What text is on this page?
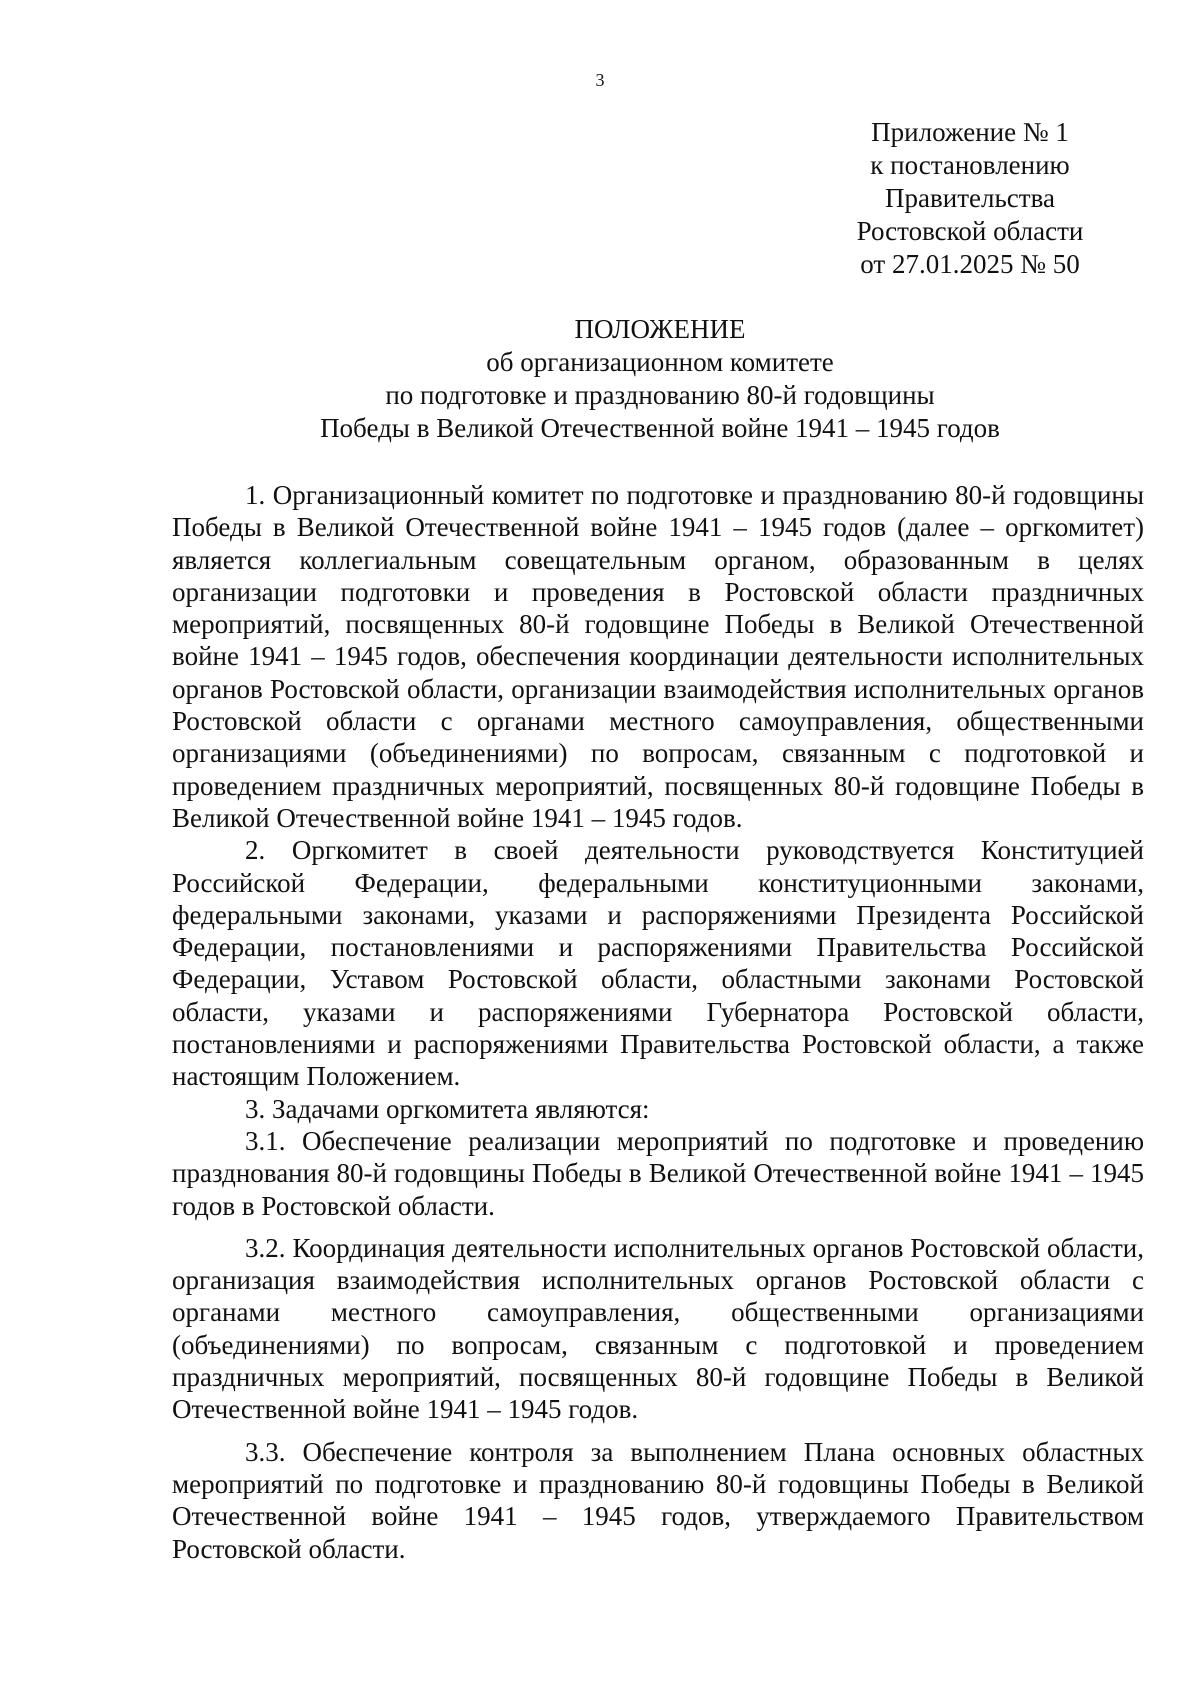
3

Приложение № 1
к постановлению
Правительства
Ростовской области
от 27.01.2025 № 50
ПОЛОЖЕНИЕ
об организационном комитете
по подготовке и празднованию 80-й годовщины
Победы в Великой Отечественной войне 1941 – 1945 годов

1. Организационный комитет по подготовке и празднованию 80-й годовщины Победы в Великой Отечественной войне 1941 – 1945 годов (далее – оргкомитет) является коллегиальным совещательным органом, образованным в целях организации подготовки и проведения в Ростовской области праздничных мероприятий, посвященных 80-й годовщине Победы в Великой Отечественной войне 1941 – 1945 годов, обеспечения координации деятельности исполнительных органов Ростовской области, организации взаимодействия исполнительных органов Ростовской области с органами местного самоуправления, общественными организациями (объединениями) по вопросам, связанным с подготовкой и проведением праздничных мероприятий, посвященных 80-й годовщине Победы в Великой Отечественной войне 1941 – 1945 годов.

2. Оргкомитет в своей деятельности руководствуется Конституцией Российской Федерации, федеральными конституционными законами, федеральными законами, указами и распоряжениями Президента Российской Федерации, постановлениями и распоряжениями Правительства Российской Федерации, Уставом Ростовской области, областными законами Ростовской области, указами и распоряжениями Губернатора Ростовской области, постановлениями и распоряжениями Правительства Ростовской области, а также настоящим Положением.

3. Задачами оргкомитета являются:

3.1. Обеспечение реализации мероприятий по подготовке и проведению празднования 80-й годовщины Победы в Великой Отечественной войне 1941 – 1945 годов в Ростовской области.

3.2. Координация деятельности исполнительных органов Ростовской области, организация взаимодействия исполнительных органов Ростовской области с органами местного самоуправления, общественными организациями (объединениями) по вопросам, связанным с подготовкой и проведением праздничных мероприятий, посвященных 80-й годовщине Победы в Великой Отечественной войне 1941 – 1945 годов.

3.3. Обеспечение контроля за выполнением Плана основных областных мероприятий по подготовке и празднованию 80-й годовщины Победы в Великой Отечественной войне 1941 – 1945 годов, утверждаемого Правительством Ростовской области.
